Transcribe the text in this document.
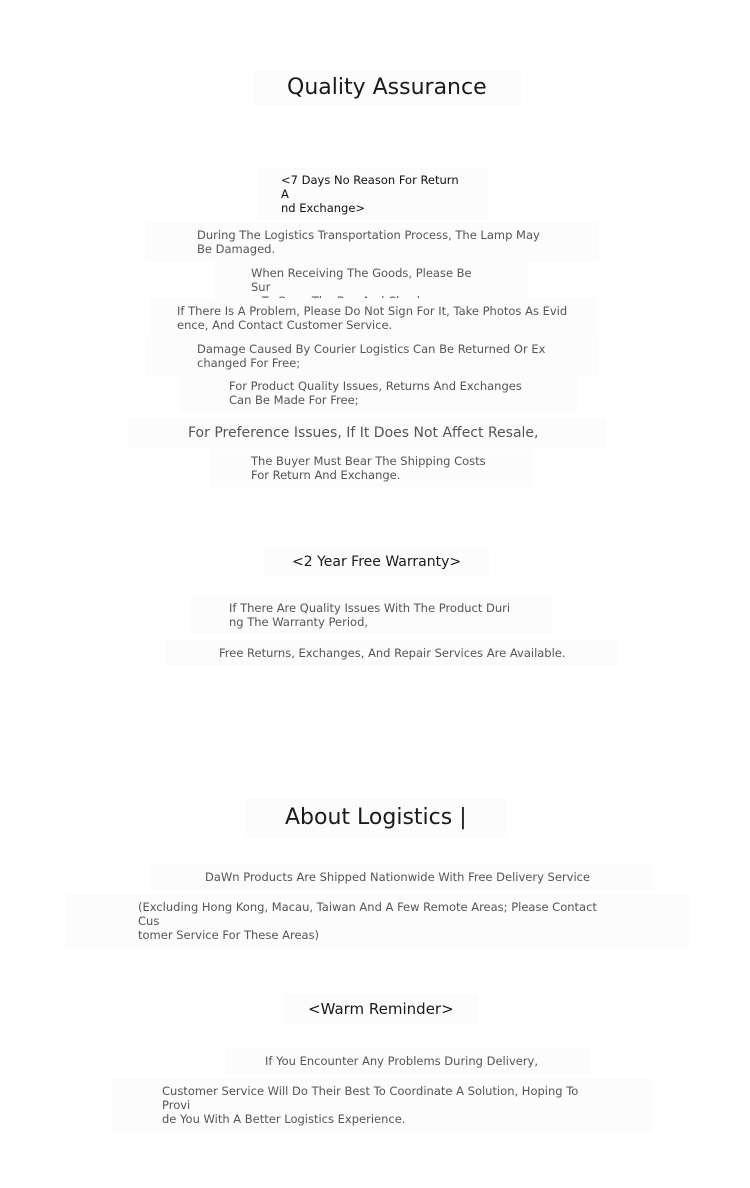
Quality Assurance
<7 Days No Reason For Return A
nd Exchange>
During The Logistics Transportation Process, The Lamp May
Be Damaged.
When Receiving The Goods, Please Be Sur

If There Is A Problem, Please Do Not Sign For It, Take Photos As Evid
ence, And Contact Customer Service.
Damage Caused By Courier Logistics Can Be Returned Or Ex
changed For Free;
For Product Quality Issues, Returns And Exchanges
Can Be Made For Free;
For Preference Issues, If It Does Not Affect Resale,
The Buyer Must Bear The Shipping Costs
For Return And Exchange.
<2 Year Free Warranty>
If There Are Quality Issues With The Product Duri
ng The Warranty Period,
Free Returns, Exchanges, And Repair Services Are Available.
About Logistics |
DaWn Products Are Shipped Nationwide With Free Delivery Service
(Excluding Hong Kong, Macau, Taiwan And A Few Remote Areas; Please Contact Cus
tomer Service For These Areas)
<Warm Reminder>
If You Encounter Any Problems During Delivery,
Customer Service Will Do Their Best To Coordinate A Solution, Hoping To Provi
de You With A Better Logistics Experience.
